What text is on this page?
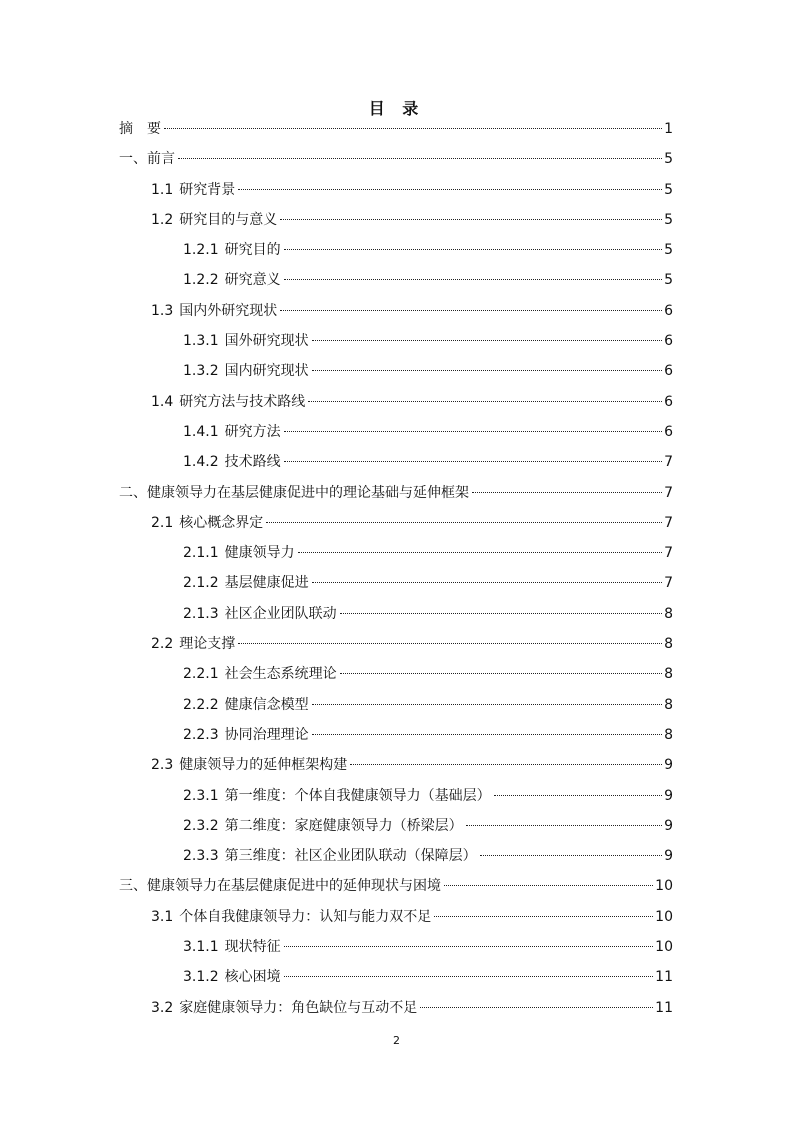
目 录
摘　要	1
一、前言	5
1.1 研究背景	5
1.2 研究目的与意义	5
1.2.1 研究目的	5
1.2.2 研究意义	5
1.3 国内外研究现状	6
1.3.1 国外研究现状	6
1.3.2 国内研究现状	6
1.4 研究方法与技术路线	6
1.4.1 研究方法	6
1.4.2 技术路线	7
二、健康领导力在基层健康促进中的理论基础与延伸框架	7
2.1 核心概念界定	7
2.1.1 健康领导力	7
2.1.2 基层健康促进	7
2.1.3 社区企业团队联动	8
2.2 理论支撑	8
2.2.1 社会生态系统理论	8
2.2.2 健康信念模型	8
2.2.3 协同治理理论	8
2.3 健康领导力的延伸框架构建	9
2.3.1 第一维度：个体自我健康领导力（基础层）	9
2.3.2 第二维度：家庭健康领导力（桥梁层）	9
2.3.3 第三维度：社区企业团队联动（保障层）	9
三、健康领导力在基层健康促进中的延伸现状与困境	10
3.1 个体自我健康领导力：认知与能力双不足	10
3.1.1 现状特征	10
3.1.2 核心困境	11
3.2 家庭健康领导力：角色缺位与互动不足	11
2
